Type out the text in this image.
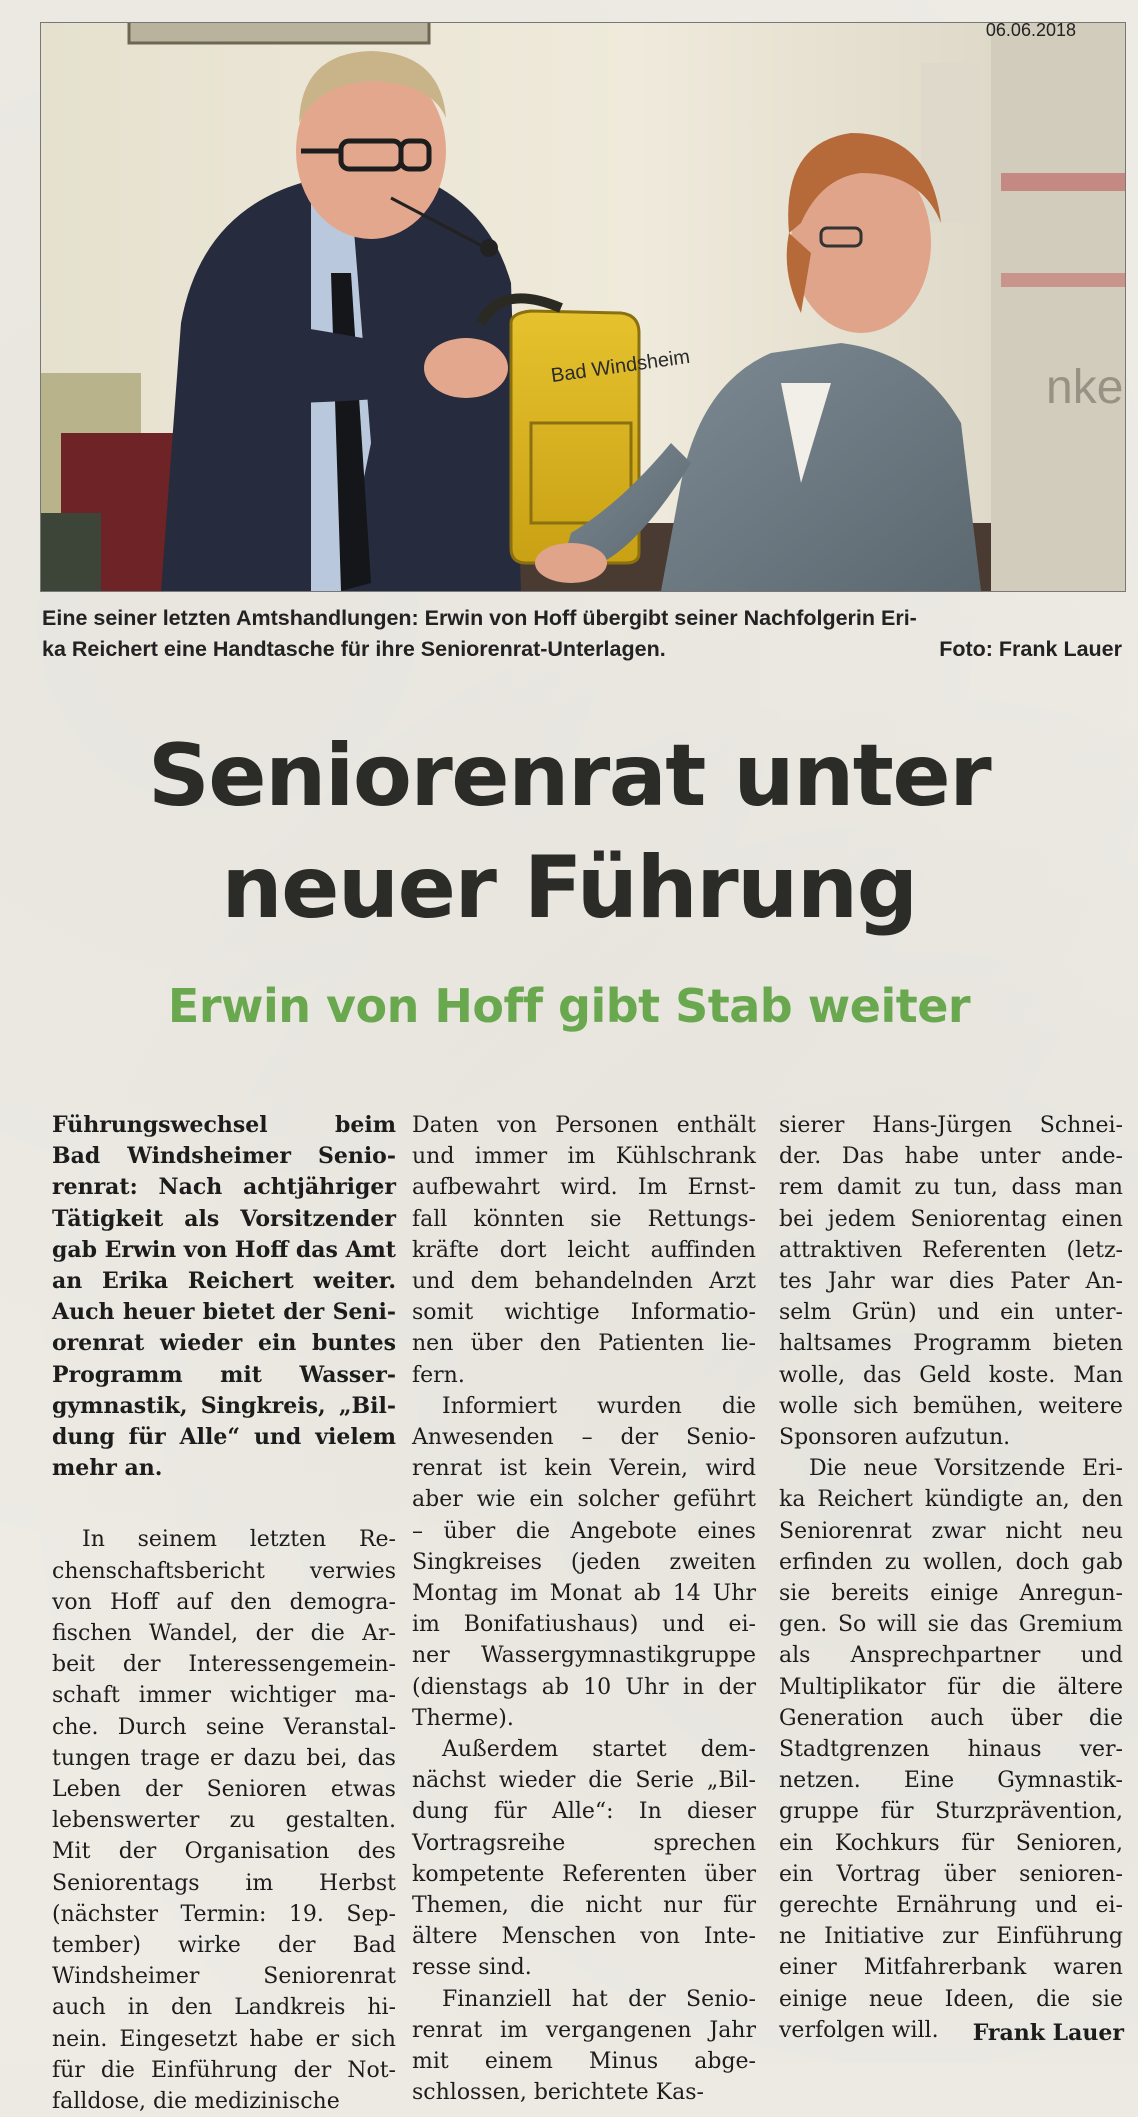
nke
Bad Windsheim
06.06.2018
Eine seiner letzten Amtshandlungen: Erwin von Hoff übergibt seiner Nachfolgerin Eri-
ka Reichert eine Handtasche für ihre Seniorenrat-Unterlagen.	Foto: Frank Lauer
Seniorenrat unter
neuer Führung
Erwin von Hoff gibt Stab weiter
Führungswechsel	beim
Bad Windsheimer Senio-
renrat: Nach achtjähriger
Tätigkeit als Vorsitzender
gab Erwin von Hoff das Amt
an Erika Reichert weiter.
Auch heuer bietet der Seni-
orenrat wieder ein buntes
Programm mit Wasser-
gymnastik, Singkreis, „Bil-
dung für Alle“ und vielem
mehr an.
In seinem letzten Re-
chenschaftsbericht verwies
von Hoff auf den demogra-
fischen Wandel, der die Ar-
beit der Interessengemein-
schaft immer wichtiger ma-
che. Durch seine Veranstal-
tungen trage er dazu bei, das
Leben der Senioren etwas
lebenswerter zu gestalten.
Mit der Organisation des
Seniorentags im Herbst
(nächster Termin: 19. Sep-
tember) wirke der Bad
Windsheimer	Seniorenrat
auch in den Landkreis hi-
nein. Eingesetzt habe er sich
für die Einführung der Not-
falldose, die medizinische
Daten von Personen enthält
und immer im Kühlschrank
aufbewahrt wird. Im Ernst-
fall könnten sie Rettungs-
kräfte dort leicht auffinden
und dem behandelnden Arzt
somit wichtige Informatio-
nen über den Patienten lie-
fern.
Informiert wurden die
Anwesenden – der Senio-
renrat ist kein Verein, wird
aber wie ein solcher geführt
– über die Angebote eines
Singkreises (jeden zweiten
Montag im Monat ab 14 Uhr
im Bonifatiushaus) und ei-
ner Wassergymnastikgruppe
(dienstags ab 10 Uhr in der
Therme).
Außerdem startet dem-
nächst wieder die Serie „Bil-
dung für Alle“: In dieser
Vortragsreihe	sprechen
kompetente Referenten über
Themen, die nicht nur für
ältere Menschen von Inte-
resse sind.
Finanziell hat der Senio-
renrat im vergangenen Jahr
mit einem Minus abge-
schlossen, berichtete Kas-
sierer Hans-Jürgen Schnei-
der. Das habe unter ande-
rem damit zu tun, dass man
bei jedem Seniorentag einen
attraktiven Referenten (letz-
tes Jahr war dies Pater An-
selm Grün) und ein unter-
haltsames Programm bieten
wolle, das Geld koste. Man
wolle sich bemühen, weitere
Sponsoren aufzutun.
Die neue Vorsitzende Eri-
ka Reichert kündigte an, den
Seniorenrat zwar nicht neu
erfinden zu wollen, doch gab
sie bereits einige Anregun-
gen. So will sie das Gremium
als Ansprechpartner und
Multiplikator für die ältere
Generation auch über die
Stadtgrenzen hinaus ver-
netzen. Eine Gymnastik-
gruppe für Sturzprävention,
ein Kochkurs für Senioren,
ein Vortrag über senioren-
gerechte Ernährung und ei-
ne Initiative zur Einführung
einer Mitfahrerbank waren
einige neue Ideen, die sie
verfolgen will.	Frank Lauer
